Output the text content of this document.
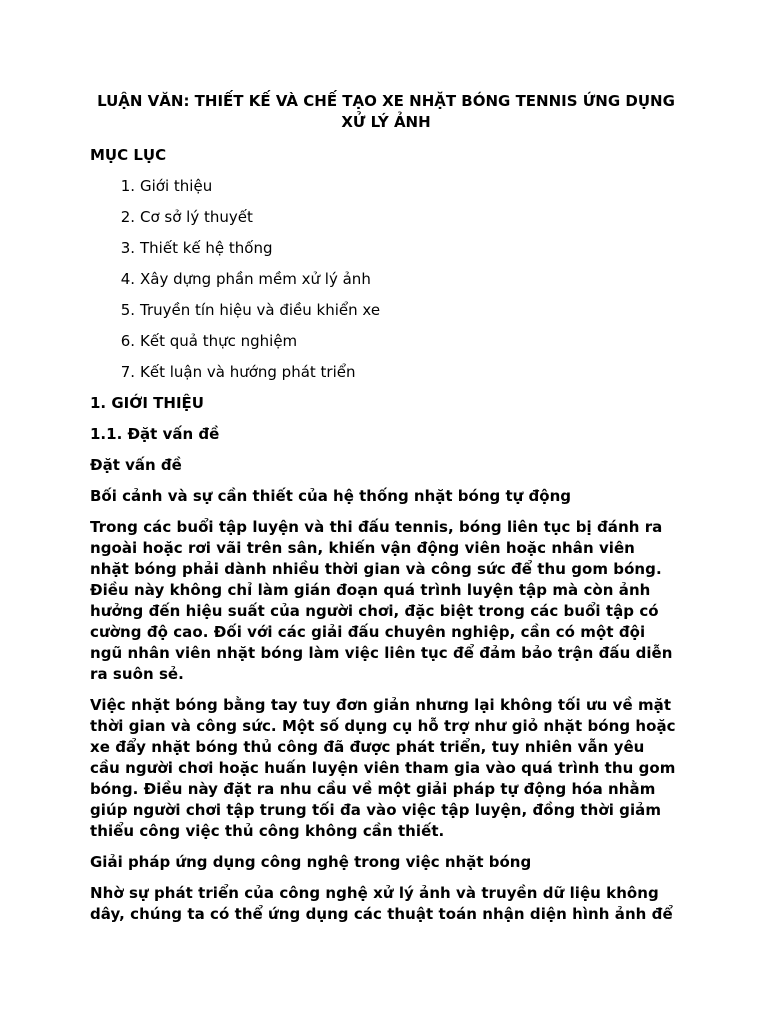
LUẬN VĂN: THIẾT KẾ VÀ CHẾ TẠO XE NHẶT BÓNG TENNIS ỨNG DỤNG
XỬ LÝ ẢNH
MỤC LỤC
1. Giới thiệu
2. Cơ sở lý thuyết
3. Thiết kế hệ thống
4. Xây dựng phần mềm xử lý ảnh
5. Truyền tín hiệu và điều khiển xe
6. Kết quả thực nghiệm
7. Kết luận và hướng phát triển
1. GIỚI THIỆU
1.1. Đặt vấn đề
Đặt vấn đề
Bối cảnh và sự cần thiết của hệ thống nhặt bóng tự động
Trong các buổi tập luyện và thi đấu tennis, bóng liên tục bị đánh ra
ngoài hoặc rơi vãi trên sân, khiến vận động viên hoặc nhân viên
nhặt bóng phải dành nhiều thời gian và công sức để thu gom bóng.
Điều này không chỉ làm gián đoạn quá trình luyện tập mà còn ảnh
hưởng đến hiệu suất của người chơi, đặc biệt trong các buổi tập có
cường độ cao. Đối với các giải đấu chuyên nghiệp, cần có một đội
ngũ nhân viên nhặt bóng làm việc liên tục để đảm bảo trận đấu diễn
ra suôn sẻ.
Việc nhặt bóng bằng tay tuy đơn giản nhưng lại không tối ưu về mặt
thời gian và công sức. Một số dụng cụ hỗ trợ như giỏ nhặt bóng hoặc
xe đẩy nhặt bóng thủ công đã được phát triển, tuy nhiên vẫn yêu
cầu người chơi hoặc huấn luyện viên tham gia vào quá trình thu gom
bóng. Điều này đặt ra nhu cầu về một giải pháp tự động hóa nhằm
giúp người chơi tập trung tối đa vào việc tập luyện, đồng thời giảm
thiểu công việc thủ công không cần thiết.
Giải pháp ứng dụng công nghệ trong việc nhặt bóng
Nhờ sự phát triển của công nghệ xử lý ảnh và truyền dữ liệu không
dây, chúng ta có thể ứng dụng các thuật toán nhận diện hình ảnh để
